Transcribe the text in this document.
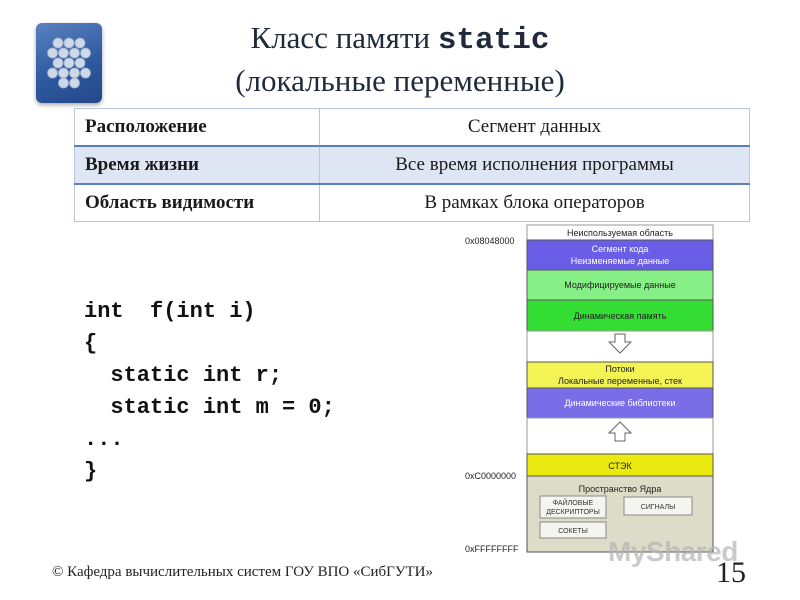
Класс памяти static
(локальные переменные)
Расположение	Сегмент данных
Время жизни	Все время исполнения программы
Область видимости	В рамках блока операторов
int  f(int i)
{
static int r;
static int m = 0;
...
}
0x08048000
0xC0000000
0xFFFFFFFF
Неиспользуемая область
Сегмент кода
Неизменяемые данные
Модифицируемые данные
Динамическая память
Потоки
Локальные переменные, стек
Динамические библиотеки
СТЭК
Пространство Ядра
ФАЙЛОВЫЕ
ДЕСКРИПТОРЫ
СИГНАЛЫ
СОКЕТЫ
MyShared
© Кафедра вычислительных систем ГОУ ВПО «СибГУТИ»	15
